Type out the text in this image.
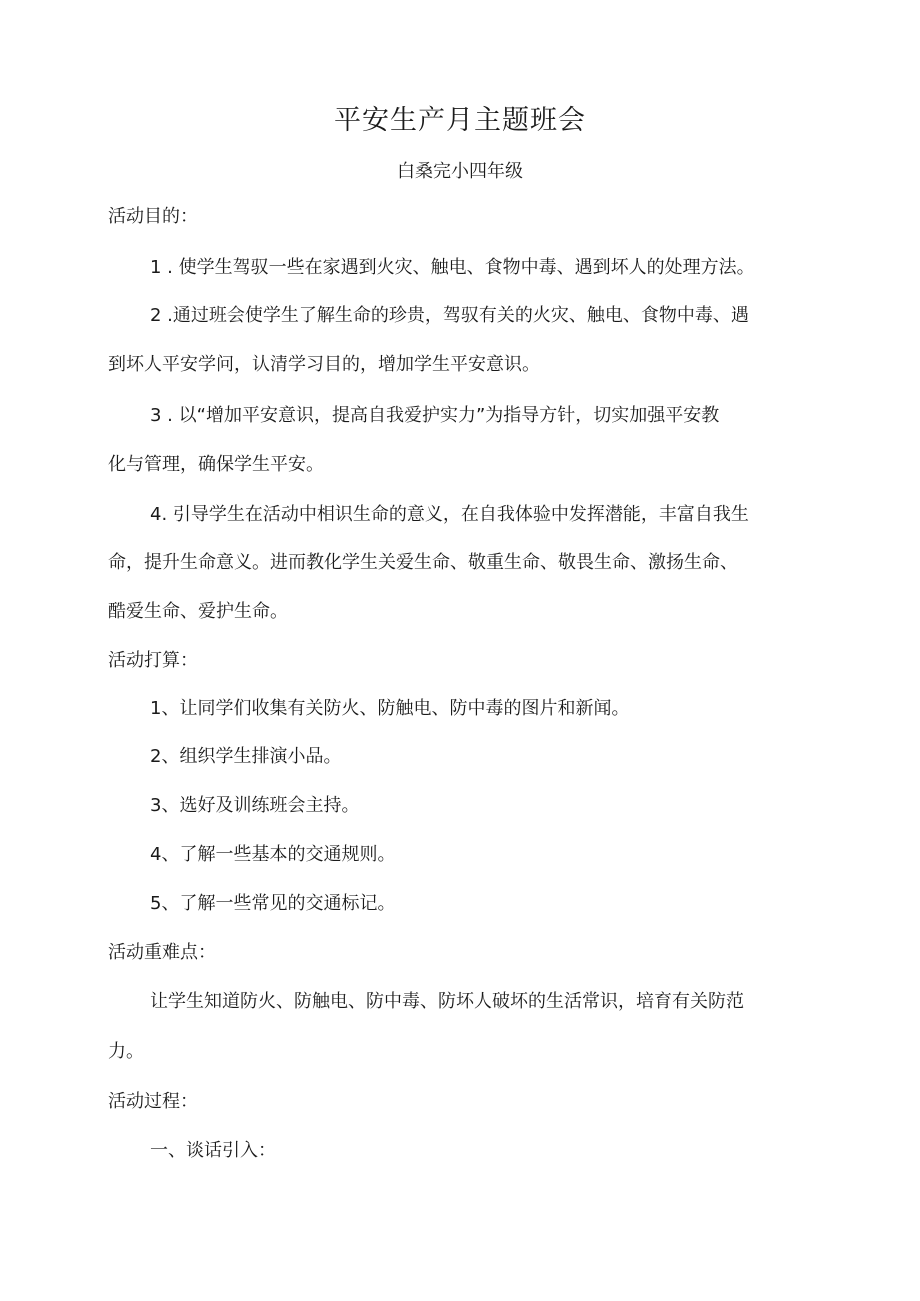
平安生产月主题班会
白桑完小四年级
活动目的：
1 . 使学生驾驭一些在家遇到火灾、触电、食物中毒、遇到坏人的处理方法。
2 .通过班会使学生了解生命的珍贵，驾驭有关的火灾、触电、食物中毒、遇
到坏人平安学问，认清学习目的，增加学生平安意识。
3 . 以“增加平安意识，提高自我爱护实力”为指导方针，切实加强平安教
化与管理，确保学生平安。
4. 引导学生在活动中相识生命的意义，在自我体验中发挥潜能，丰富自我生
命，提升生命意义。进而教化学生关爱生命、敬重生命、敬畏生命、激扬生命、
酷爱生命、爱护生命。
活动打算：
1、让同学们收集有关防火、防触电、防中毒的图片和新闻。
2、组织学生排演小品。
3、选好及训练班会主持。
4、了解一些基本的交通规则。
5、了解一些常见的交通标记。
活动重难点：
让学生知道防火、防触电、防中毒、防坏人破坏的生活常识，培育有关防范
力。
活动过程：
一、谈话引入：
